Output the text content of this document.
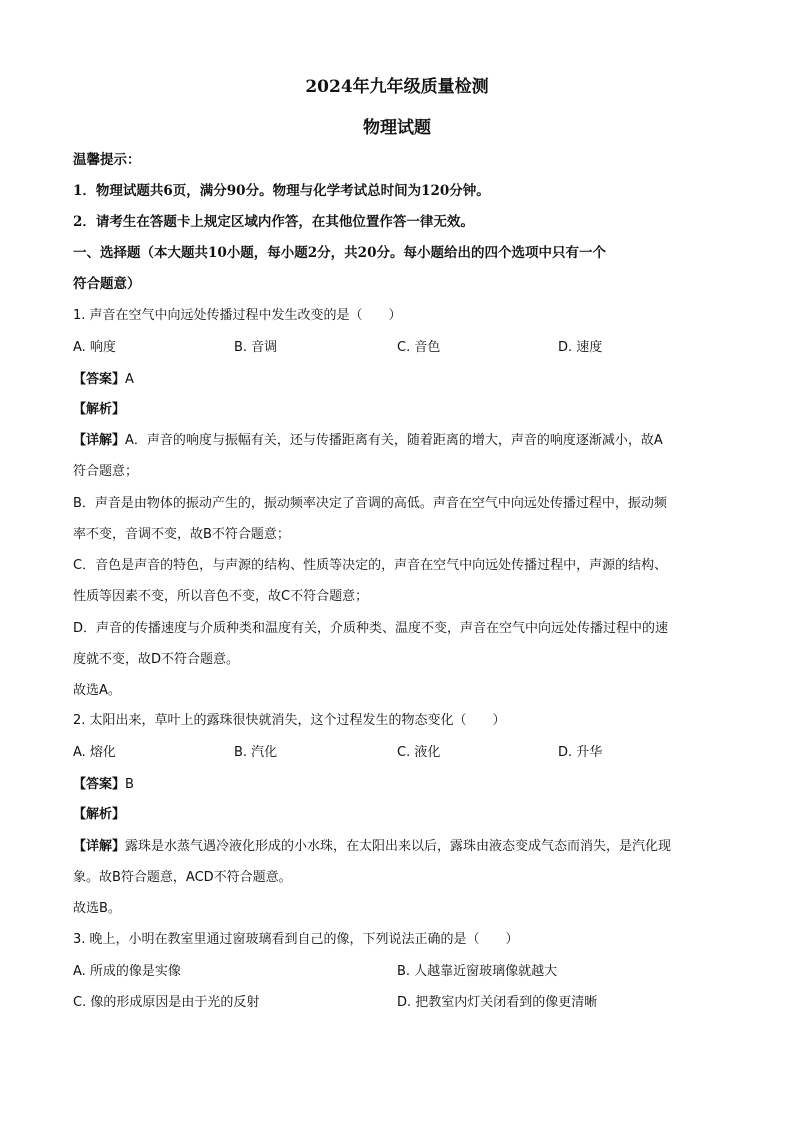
2024年九年级质量检测
物理试题
温馨提示：
1．物理试题共6页，满分90分。物理与化学考试总时间为120分钟。
2．请考生在答题卡上规定区域内作答，在其他位置作答一律无效。
一、选择题（本大题共10小题，每小题2分，共20分。每小题给出的四个选项中只有一个
符合题意）
1. 声音在空气中向远处传播过程中发生改变的是（　　）
A. 响度	B. 音调	C. 音色	D. 速度
【答案】A
【解析】
【详解】A．声音的响度与振幅有关，还与传播距离有关，随着距离的增大，声音的响度逐渐减小，故A
符合题意；
B．声音是由物体的振动产生的，振动频率决定了音调的高低。声音在空气中向远处传播过程中，振动频
率不变，音调不变，故B不符合题意；
C．音色是声音的特色，与声源的结构、性质等决定的，声音在空气中向远处传播过程中，声源的结构、
性质等因素不变，所以音色不变，故C不符合题意；
D．声音的传播速度与介质种类和温度有关，介质种类、温度不变，声音在空气中向远处传播过程中的速
度就不变，故D不符合题意。
故选A。
2. 太阳出来，草叶上的露珠很快就消失，这个过程发生的物态变化（　　）
A. 熔化	B. 汽化	C. 液化	D. 升华
【答案】B
【解析】
【详解】露珠是水蒸气遇冷液化形成的小水珠，在太阳出来以后，露珠由液态变成气态而消失，是汽化现
象。故B符合题意，ACD不符合题意。
故选B。
3. 晚上，小明在教室里通过窗玻璃看到自己的像，下列说法正确的是（　　）
A. 所成的像是实像	B. 人越靠近窗玻璃像就越大
C. 像的形成原因是由于光的反射	D. 把教室内灯关闭看到的像更清晰
